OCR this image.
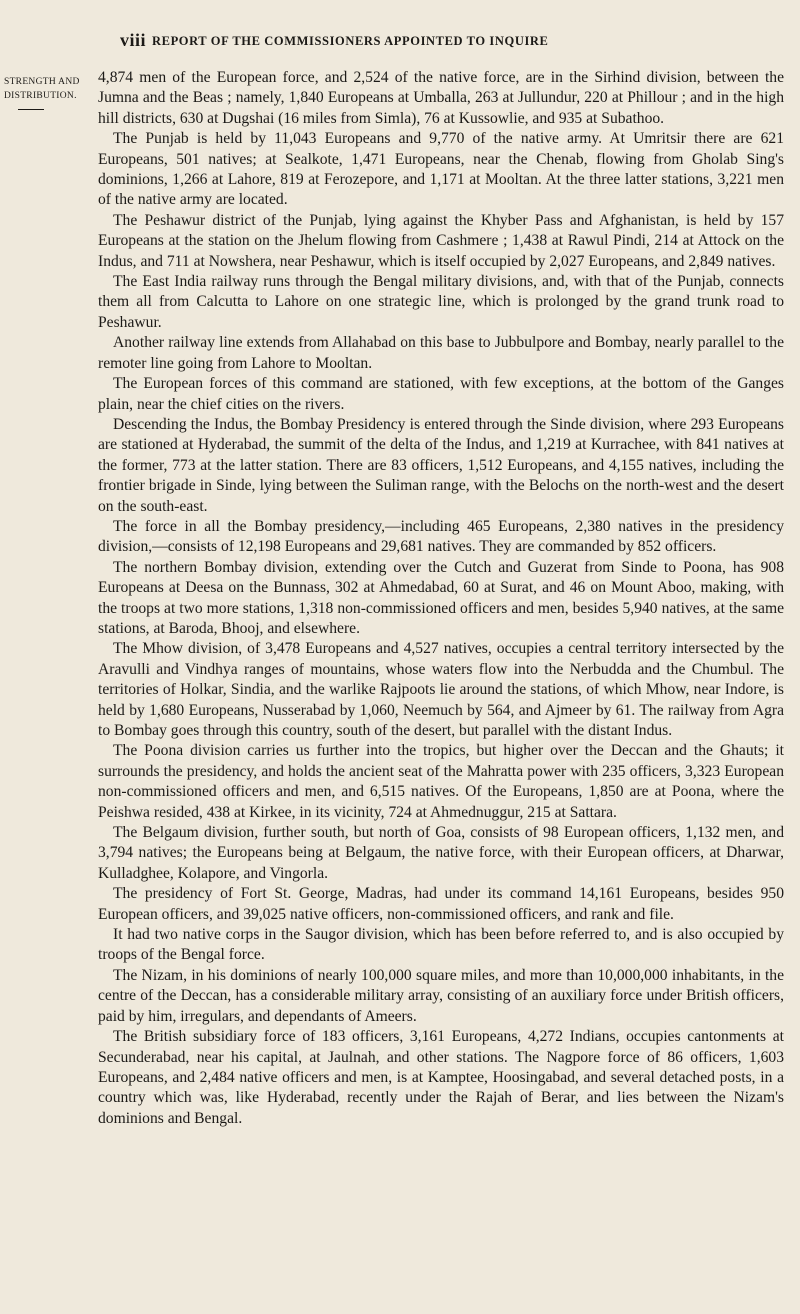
viii REPORT OF THE COMMISSIONERS APPOINTED TO INQUIRE
STRENGTH AND
DISTRIBUTION.

4,874 men of the European force, and 2,524 of the native force, are in the Sirhind division, between the Jumna and the Beas ; namely, 1,840 Europeans at Umballa, 263 at Jullundur, 220 at Phillour ; and in the high hill districts, 630 at Dugshai (16 miles from Simla), 76 at Kussowlie, and 935 at Subathoo.

The Punjab is held by 11,043 Europeans and 9,770 of the native army. At Umritsir there are 621 Europeans, 501 natives; at Sealkote, 1,471 Europeans, near the Chenab, flowing from Gholab Sing's dominions, 1,266 at Lahore, 819 at Ferozepore, and 1,171 at Mooltan. At the three latter stations, 3,221 men of the native army are located.

The Peshawur district of the Punjab, lying against the Khyber Pass and Afghanistan, is held by 157 Europeans at the station on the Jhelum flowing from Cashmere ; 1,438 at Rawul Pindi, 214 at Attock on the Indus, and 711 at Nowshera, near Peshawur, which is itself occupied by 2,027 Europeans, and 2,849 natives.

The East India railway runs through the Bengal military divisions, and, with that of the Punjab, connects them all from Calcutta to Lahore on one strategic line, which is prolonged by the grand trunk road to Peshawur.

Another railway line extends from Allahabad on this base to Jubbulpore and Bombay, nearly parallel to the remoter line going from Lahore to Mooltan.

The European forces of this command are stationed, with few exceptions, at the bottom of the Ganges plain, near the chief cities on the rivers.

Descending the Indus, the Bombay Presidency is entered through the Sinde division, where 293 Europeans are stationed at Hyderabad, the summit of the delta of the Indus, and 1,219 at Kurrachee, with 841 natives at the former, 773 at the latter station. There are 83 officers, 1,512 Europeans, and 4,155 natives, including the frontier brigade in Sinde, lying between the Suliman range, with the Belochs on the north-west and the desert on the south-east.

The force in all the Bombay presidency,—including 465 Europeans, 2,380 natives in the presidency division,—consists of 12,198 Europeans and 29,681 natives. They are commanded by 852 officers.

The northern Bombay division, extending over the Cutch and Guzerat from Sinde to Poona, has 908 Europeans at Deesa on the Bunnass, 302 at Ahmedabad, 60 at Surat, and 46 on Mount Aboo, making, with the troops at two more stations, 1,318 non-commissioned officers and men, besides 5,940 natives, at the same stations, at Baroda, Bhooj, and elsewhere.

The Mhow division, of 3,478 Europeans and 4,527 natives, occupies a central territory intersected by the Aravulli and Vindhya ranges of mountains, whose waters flow into the Nerbudda and the Chumbul. The territories of Holkar, Sindia, and the warlike Rajpoots lie around the stations, of which Mhow, near Indore, is held by 1,680 Europeans, Nusserabad by 1,060, Neemuch by 564, and Ajmeer by 61. The railway from Agra to Bombay goes through this country, south of the desert, but parallel with the distant Indus.

The Poona division carries us further into the tropics, but higher over the Deccan and the Ghauts; it surrounds the presidency, and holds the ancient seat of the Mahratta power with 235 officers, 3,323 European non-commissioned officers and men, and 6,515 natives. Of the Europeans, 1,850 are at Poona, where the Peishwa resided, 438 at Kirkee, in its vicinity, 724 at Ahmednuggur, 215 at Sattara.

The Belgaum division, further south, but north of Goa, consists of 98 European officers, 1,132 men, and 3,794 natives; the Europeans being at Belgaum, the native force, with their European officers, at Dharwar, Kulladghee, Kolapore, and Vingorla.

The presidency of Fort St. George, Madras, had under its command 14,161 Europeans, besides 950 European officers, and 39,025 native officers, non-commissioned officers, and rank and file.

It had two native corps in the Saugor division, which has been before referred to, and is also occupied by troops of the Bengal force.

The Nizam, in his dominions of nearly 100,000 square miles, and more than 10,000,000 inhabitants, in the centre of the Deccan, has a considerable military array, consisting of an auxiliary force under British officers, paid by him, irregulars, and dependants of Ameers.

The British subsidiary force of 183 officers, 3,161 Europeans, 4,272 Indians, occupies cantonments at Secunderabad, near his capital, at Jaulnah, and other stations. The Nagpore force of 86 officers, 1,603 Europeans, and 2,484 native officers and men, is at Kamptee, Hoosingabad, and several detached posts, in a country which was, like Hyderabad, recently under the Rajah of Berar, and lies between the Nizam's dominions and Bengal.
